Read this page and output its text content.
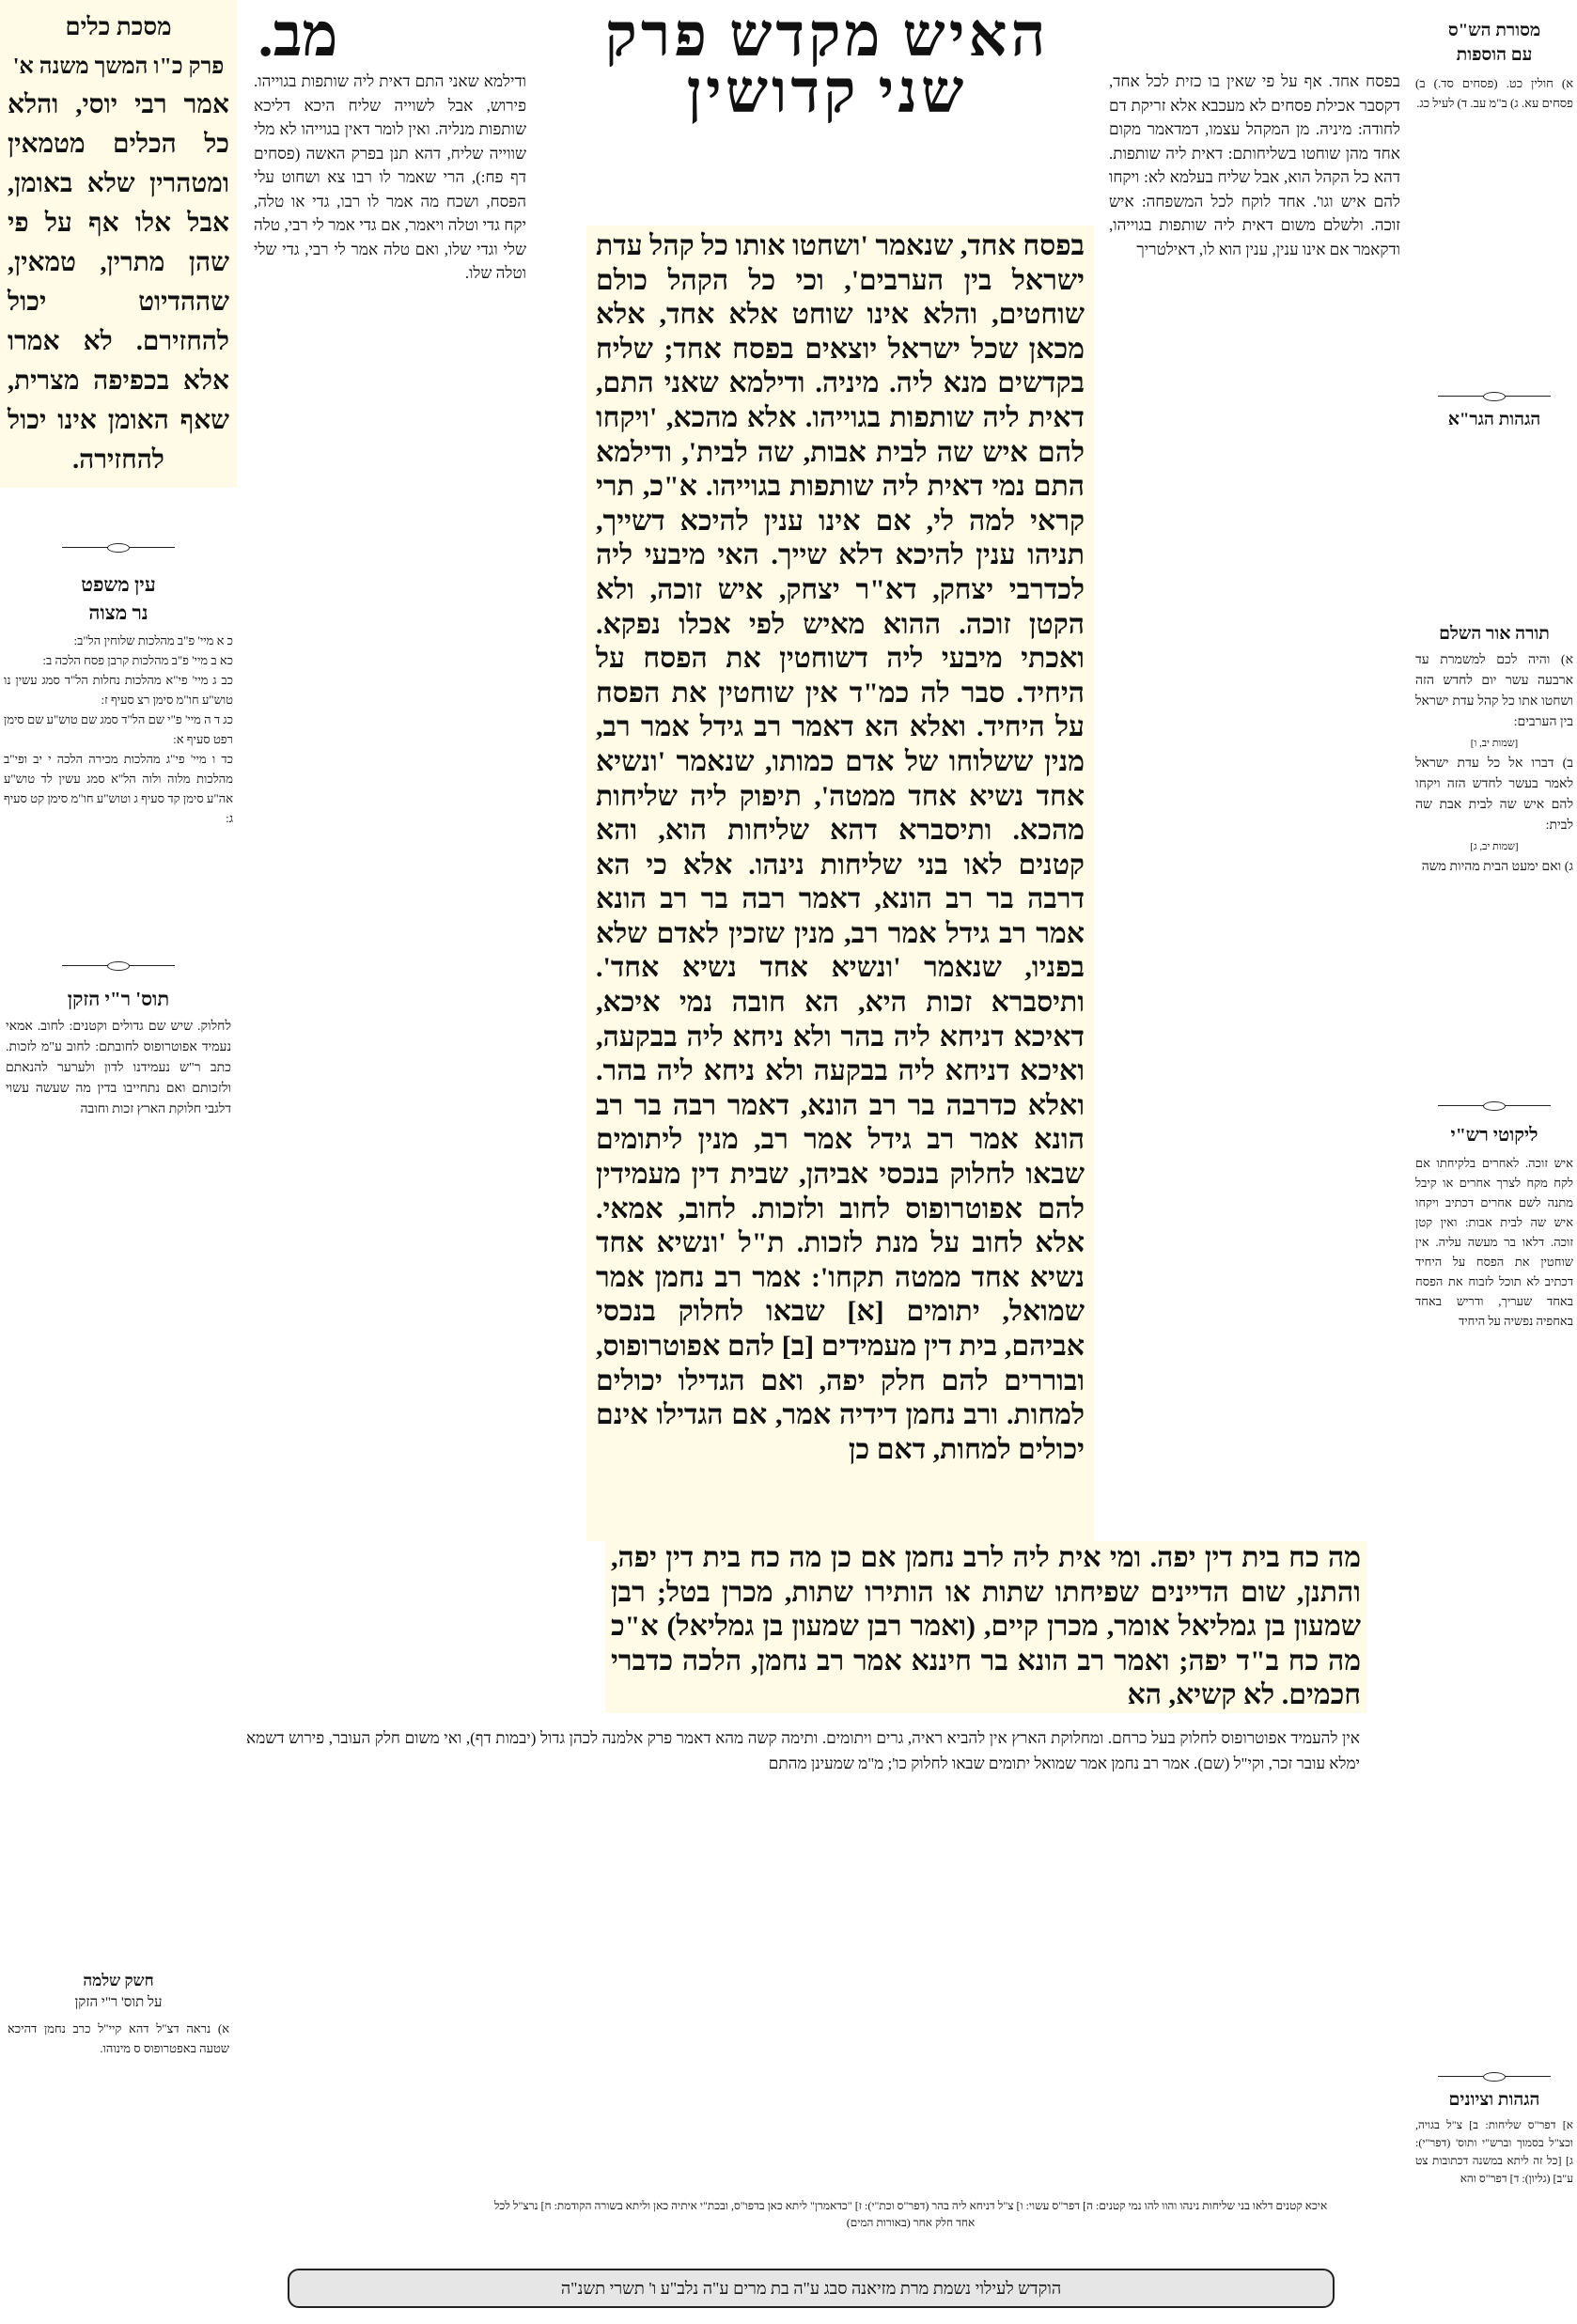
האיש מקדש פרק שני קדושין
מב.
מסכת כלים
פרק כ"ו המשך משנה א'
אמר רבי יוסי, והלא כל הכלים מטמאין ומטהרין שלא באומן, אבל אלו אף על פי שהן מתרין, טמאין, שההדיוט יכול להחזירם. לא אמרו אלא בכפיפה מצרית, שאף האומן אינו יכול להחזירה.
עין משפט
נר מצוה
כ א מיי' פ"ב מהלכות שלוחין הל"ב:
כא ב מיי' פ"ב מהלכות קרבן פסח הלכה ב:
כב ג מיי' פי"א מהלכות נחלות הל"ד סמג עשין נו טוש"ע חו"מ סימן רצ סעיף ז:
כג ד ה מיי' פ"י שם הל"ד סמג שם טוש"ע שם סימן רפט סעיף א:
כד ו מיי' פי"ג מהלכות מכירה הלכה י יב ופי"ב מהלכות מלוה ולוה הל"א סמג עשין לד טוש"ע אה"ע סימן קד סעיף ג וטוש"ע חו"מ סימן קט סעיף ג:
תוס' ר"י הזקן
לחלוק. שיש שם גדולים וקטנים: לחוב. אמאי נעמיד אפוטרופוס לחובתם: לחוב ע"מ לזכות. כתב ר"ש נעמידנו לדון ולערער להנאתם ולזכותם ואם נתחייבו בדין מה שעשה עשוי דלגבי חלוקת הארץ זכות וחובה
חשק שלמה
על תוס' ר"י הזקן
א) נראה דצ"ל דהא קיי"ל כרב נחמן דהיכא שטעה באפטרופוס ס מינוהו.
ודילמא שאני התם דאית ליה שותפות בגוייהו. פירוש, אבל לשוייה שליח היכא דליכא שותפות מנליה. ואין לומר דאין בגוייהו לא מלי שווייה שליח, דהא תנן בפרק האשה (פסחים דף פח:), הרי שאמר לו רבו צא ושחוט עלי הפסח, ושכח מה אמר לו רבו, גדי או טלה, יקח גדי וטלה ויאמר, אם גדי אמר לי רבי, טלה שלי וגדי שלו, ואם טלה אמר לי רבי, גדי שלי וטלה שלו.
בפסח אחד. אף על פי שאין בו כזית לכל אחד, דקסבר אכילת פסחים לא מעכבא אלא זריקת דם לחודה: מיניה. מן המקהל עצמו, דמדאמר מקום אחד מהן שוחטו בשליחותם: דאית ליה שותפות. דהא כל הקהל הוא, אבל שליח בעלמא לא: ויקחו להם איש וגו'. אחד לוקח לכל המשפחה: איש זוכה. ולשלם משום דאית ליה שותפות בגוייהו, ודקאמר אם אינו ענין, ענין הוא לו, דאילטריך
בפסח אחד, שנאמר 'ושחטו אותו כל קהל עדת ישראל בין הערבים', וכי כל הקהל כולם שוחטים, והלא אינו שוחט אלא אחד, אלא מכאן שכל ישראל יוצאים בפסח אחד; שליח בקדשים מנא ליה. מיניה. ודילמא שאני התם, דאית ליה שותפות בגוייהו. אלא מהכא, 'ויקחו להם איש שה לבית אבות, שה לבית', ודילמא התם נמי דאית ליה שותפות בגוייהו. א"כ, תרי קראי למה לי, אם אינו ענין להיכא דשייך, תניהו ענין להיכא דלא שייך. האי מיבעי ליה לכדרבי יצחק, דא"ר יצחק, איש זוכה, ולא הקטן זוכה. ההוא מאיש לפי אכלו נפקא. ואכתי מיבעי ליה דשוחטין את הפסח על היחיד. סבר לה כמ"ד אין שוחטין את הפסח על היחיד. ואלא הא דאמר רב גידל אמר רב, מנין ששלוחו של אדם כמותו, שנאמר 'ונשיא אחד נשיא אחד ממטה', תיפוק ליה שליחות מהכא. ותיסברא דהא שליחות הוא, והא קטנים לאו בני שליחות נינהו. אלא כי הא דרבה בר רב הונא, דאמר רבה בר רב הונא אמר רב גידל אמר רב, מנין שזכין לאדם שלא בפניו, שנאמר 'ונשיא אחד נשיא אחד'. ותיסברא זכות היא, הא חובה נמי איכא, דאיכא דניחא ליה בהר ולא ניחא ליה בבקעה, ואיכא דניחא ליה בבקעה ולא ניחא ליה בהר. ואלא כדרבה בר רב הונא, דאמר רבה בר רב הונא אמר רב גידל אמר רב, מנין ליתומים שבאו לחלוק בנכסי אביהן, שבית דין מעמידין להם אפוטרופוס לחוב ולזכות. לחוב, אמאי. אלא לחוב על מנת לזכות. ת"ל 'ונשיא אחד נשיא אחד ממטה תקחו': אמר רב נחמן אמר שמואל, יתומים [א] שבאו לחלוק בנכסי אביהם, בית דין מעמידים [ב] להם אפוטרופוס, ובוררים להם חלק יפה, ואם הגדילו יכולים למחות. ורב נחמן דידיה אמר, אם הגדילו אינם יכולים למחות, דאם כן
מה כח בית דין יפה. ומי אית ליה לרב נחמן אם כן מה כח בית דין יפה, והתנן, שום הדיינים שפיחתו שתות או הותירו שתות, מכרן בטל; רבן שמעון בן גמליאל אומר, מכרן קיים, (ואמר רבן שמעון בן גמליאל) א"כ מה כח ב"ד יפה; ואמר רב הונא בר חיננא אמר רב נחמן, הלכה כדברי חכמים. לא קשיא, הא
אין להעמיד אפוטרופוס לחלוק בעל כרחם. ומחלוקת הארץ אין להביא ראיה, גרים ויתומים. ותימה קשה מהא דאמר פרק אלמנה לכהן גדול (יבמות דף), ואי משום חלק העובר, פירוש דשמא ימלא עובר זכר, וקי"ל (שם). אמר רב נחמן אמר שמואל יתומים שבאו לחלוק כו'; מ"מ שמעינן מהתם
מסורת הש"ס
עם הוספות
א) חולין כט. (פסחים סד.) ב) פסחים עא. ג) ב"מ עב. ד) לעיל כג.
הגהות הגר"א
תורה אור השלם
א) והיה לכם למשמרת עד ארבעה עשר יום לחדש הזה ושחטו אתו כל קהל עדת ישראל בין הערבים:
[שמות יב, ו]
ב) דברו אל כל עדת ישראל לאמר בעשר לחדש הזה ויקחו להם איש שה לבית אבת שה לבית:
[שמות יב, ג]
ג) ואם ימעט הבית מהיות משה
ליקוטי רש"י
איש זוכה. לאחרים בלקיחתו אם לקח מקח לצרך אחרים או קיבל מתנה לשם אחרים דכתיב ויקחו איש שה לבית אבות: ואין קטן זוכה. דלאו בר מעשה עליה. אין שוחטין את הפסח על היחיד דכתיב לא תוכל לזבוח את הפסח באחד שעריך, ודריש באחד באחפיה נפשיה על היחיד
הגהות וציונים
א] דפר"ס שליחות: ב] צ"ל בגויה, וכצ"ל בסמוך וברש"י ותוס' (דפר"י): ג] [כל זה ליתא במשנה דכתובות צט ע"ב] (גליון): ד] דפר"ס והא
איכא קטנים דלאו בני שליחות נינהו והוו להו נמי קטנים: ה] דפר"ס עשוי: ו] צ"ל דניחא ליה בהר (דפר"ס וכת"י): ז] "כדאמרן" ליתא כאן בדפו"ס, ובכת"י איתיה כאן וליתא בשורה הקודמת: ח] נרצ"ל לכל
אחד חלק אחר (באורות המים)
הוקדש לעילוי נשמת מרת מזיאנה סבג ע"ה בת מרים ע"ה נלב"ע ו' תשרי תשנ"ה
